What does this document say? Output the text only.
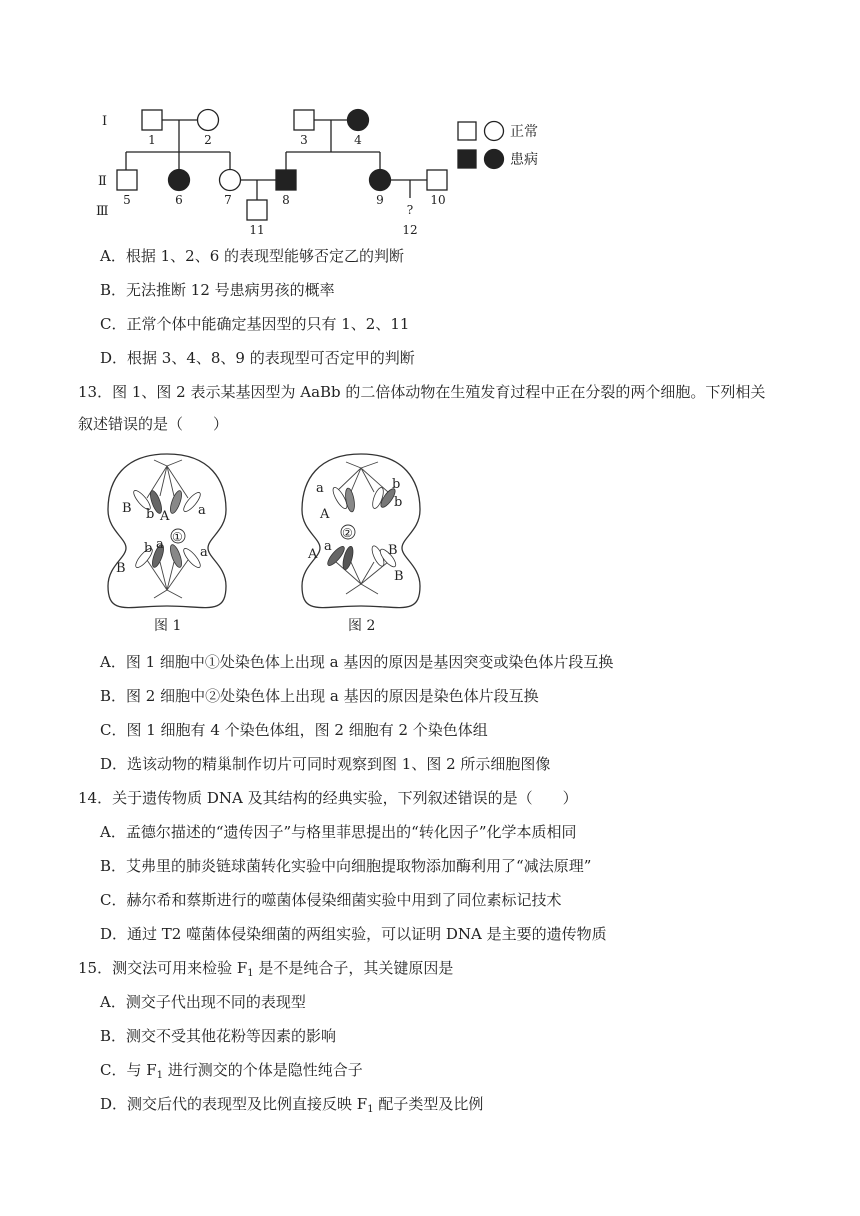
Ⅰ
Ⅱ
Ⅲ
1	2	3	4
5	6	7	8	9	10
11
?
12
正常
患病
A．根据 1、2、6 的表现型能够否定乙的判断
B．无法推断 12 号患病男孩的概率
C．正常个体中能确定基因型的只有 1、2、11
D．根据 3、4、8、9 的表现型可否定甲的判断
13．图 1、图 2 表示某基因型为 AaBb 的二倍体动物在生殖发育过程中正在分裂的两个细胞。下列相关
叙述错误的是（　　）
B b A a
b a
a
B
①
图 1
a
A
b
b
A
a	B
B
②
图 2
A．图 1 细胞中①处染色体上出现 a 基因的原因是基因突变或染色体片段互换
B．图 2 细胞中②处染色体上出现 a 基因的原因是染色体片段互换
C．图 1 细胞有 4 个染色体组，图 2 细胞有 2 个染色体组
D．选该动物的精巢制作切片可同时观察到图 1、图 2 所示细胞图像
14．关于遗传物质 DNA 及其结构的经典实验，下列叙述错误的是（　　）
A．孟德尔描述的“遗传因子”与格里菲思提出的“转化因子”化学本质相同
B．艾弗里的肺炎链球菌转化实验中向细胞提取物添加酶利用了“减法原理”
C．赫尔希和蔡斯进行的噬菌体侵染细菌实验中用到了同位素标记技术
D．通过 T2 噬菌体侵染细菌的两组实验，可以证明 DNA 是主要的遗传物质
15．测交法可用来检验 $F_1$ 是不是纯合子，其关键原因是
A．测交子代出现不同的表现型
B．测交不受其他花粉等因素的影响
C．与 $F_1$ 进行测交的个体是隐性纯合子
D．测交后代的表现型及比例直接反映 $F_1$ 配子类型及比例
